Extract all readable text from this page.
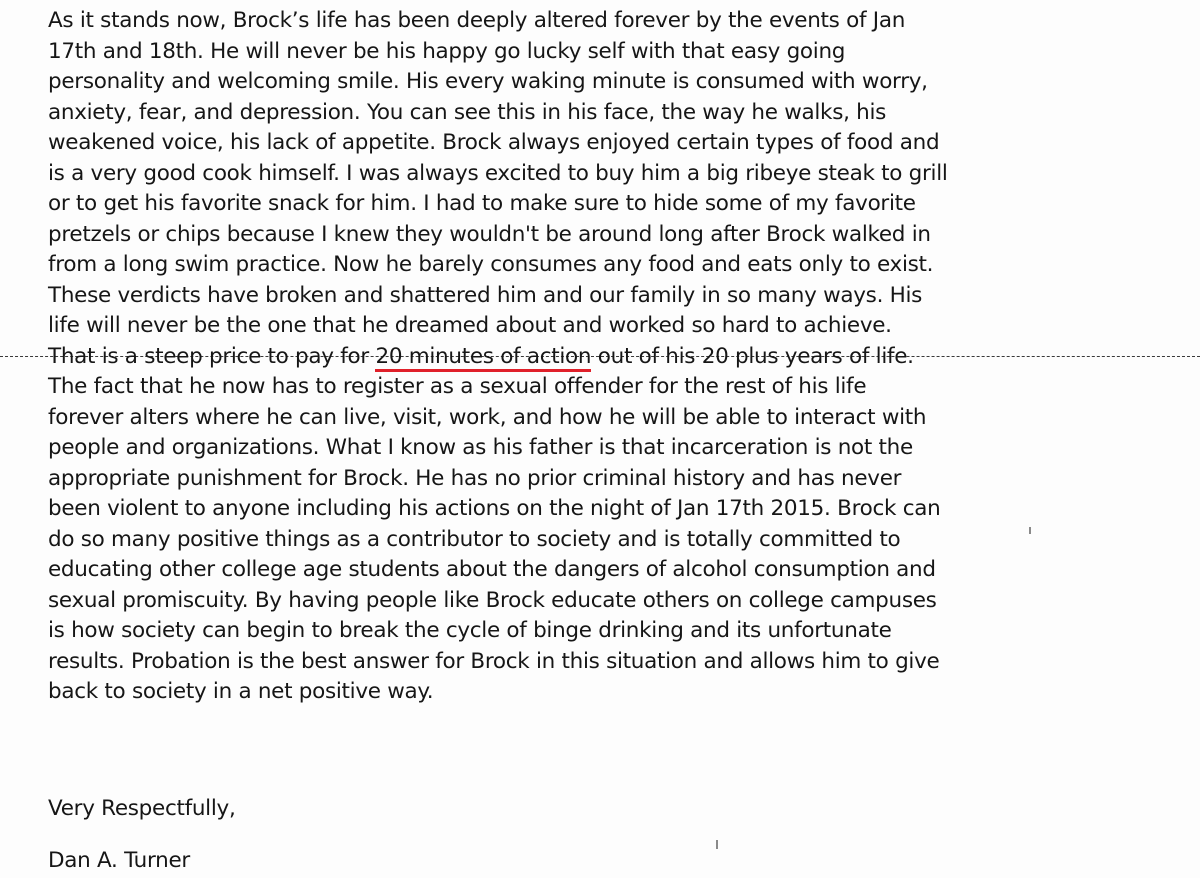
As it stands now, Brock’s life has been deeply altered forever by the events of Jan
17th and 18th. He will never be his happy go lucky self with that easy going
personality and welcoming smile. His every waking minute is consumed with worry,
anxiety, fear, and depression. You can see this in his face, the way he walks, his
weakened voice, his lack of appetite. Brock always enjoyed certain types of food and
is a very good cook himself. I was always excited to buy him a big ribeye steak to grill
or to get his favorite snack for him. I had to make sure to hide some of my favorite
pretzels or chips because I knew they wouldn't be around long after Brock walked in
from a long swim practice. Now he barely consumes any food and eats only to exist.
These verdicts have broken and shattered him and our family in so many ways. His
life will never be the one that he dreamed about and worked so hard to achieve.
That is a steep price to pay for 20 minutes of action out of his 20 plus years of life.
The fact that he now has to register as a sexual offender for the rest of his life
forever alters where he can live, visit, work, and how he will be able to interact with
people and organizations. What I know as his father is that incarceration is not the
appropriate punishment for Brock. He has no prior criminal history and has never
been violent to anyone including his actions on the night of Jan 17th 2015. Brock can
do so many positive things as a contributor to society and is totally committed to
educating other college age students about the dangers of alcohol consumption and
sexual promiscuity. By having people like Brock educate others on college campuses
is how society can begin to break the cycle of binge drinking and its unfortunate
results. Probation is the best answer for Brock in this situation and allows him to give
back to society in a net positive way.
Very Respectfully,
Dan A. Turner
